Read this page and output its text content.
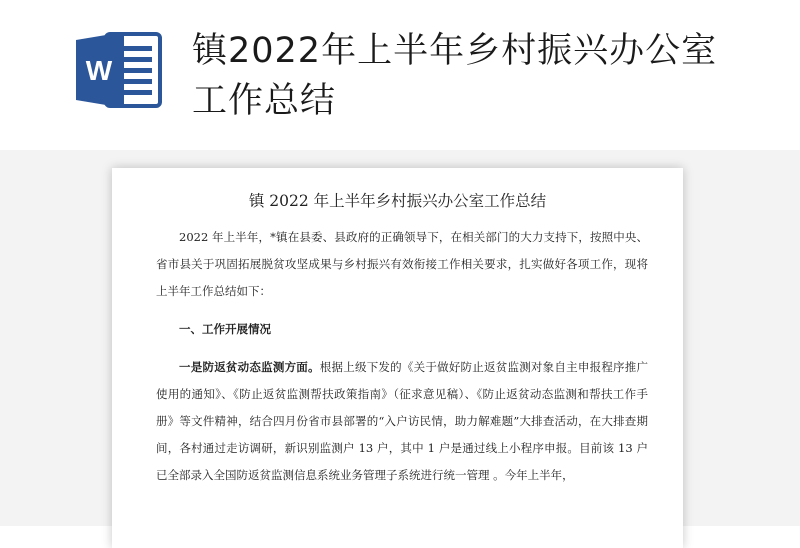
W 镇2022年上半年乡村振兴办公室工作总结
镇 2022 年上半年乡村振兴办公室工作总结

2022 年上半年，*镇在县委、县政府的正确领导下，在相关部门的大力支持下，按照中央、省市县关于巩固拓展脱贫攻坚成果与乡村振兴有效衔接工作相关要求，扎实做好各项工作，现将上半年工作总结如下：

一、工作开展情况

一是防返贫动态监测方面。根据上级下发的《关于做好防止返贫监测对象自主申报程序推广使用的通知》、《防止返贫监测帮扶政策指南》（征求意见稿）、《防止返贫动态监测和帮扶工作手册》等文件精神，结合四月份省市县部署的“入户访民情，助力解难题”大排查活动，在大排查期间，各村通过走访调研，新识别监测户 13 户，其中 1 户是通过线上小程序申报。目前该 13 户已全部录入全国防返贫监测信息系统业务管理子系统进行统一管理 。今年上半年，
